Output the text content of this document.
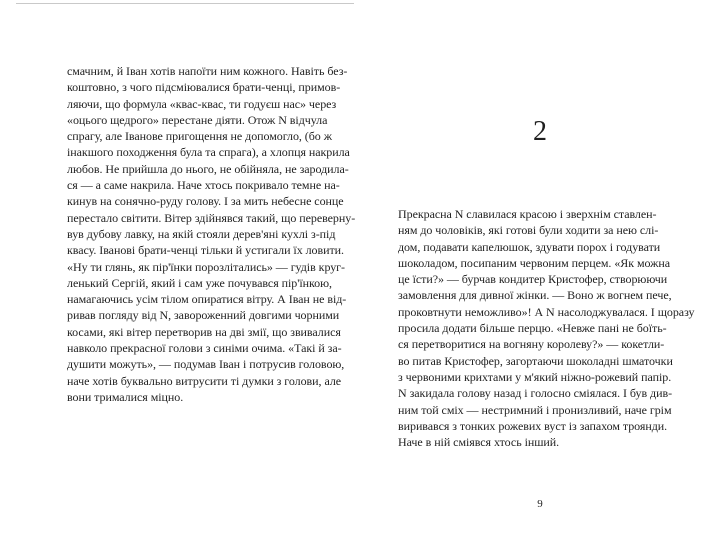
смачним, й Іван хотів напоїти ним кожного. Навіть без-
коштовно, з чого підсміювалися брати-ченці, примов-
ляючи, що формула «квас-квас, ти годуєш нас» через
«оцього щедрого» перестане діяти. Отож N відчула
спрагу, але Іванове пригощення не допомогло, (бо ж
інакшого походження була та спрага), а хлопця накрила
любов. Не прийшла до нього, не обійняла, не зародила-
ся — а саме накрила. Наче хтось покривало темне на-
кинув на сонячно-руду голову. І за мить небесне сонце
перестало світити. Вітер здійнявся такий, що переверну-
вув дубову лавку, на якій стояли дерев'яні кухлі з-під
квасу. Іванові брати-ченці тільки й устигали їх ловити.
«Ну ти глянь, як пір'їнки порозлітались» — гудів круг-
ленький Сергій, який і сам уже почувався пір'їнкою,
намагаючись усім тілом опиратися вітру. А Іван не від-
ривав погляду від N, завороженний довгими чорними
косами, які вітер перетворив на дві змії, що звивалися
навколо прекрасної голови з синіми очима. «Такі й за-
душити можуть», — подумав Іван і потрусив головою,
наче хотів буквально витрусити ті думки з голови, але
вони трималися міцно.
2
Прекрасна N славилася красою і зверхнім ставлен-
ням до чоловіків, які готові були ходити за нею слі-
дом, подавати капелюшок, здувати порох і годувати
шоколадом, посипаним червоним перцем. «Як можна
це їсти?» — бурчав кондитер Кристофер, створюючи
замовлення для дивної жінки. — Воно ж вогнем пече,
проковтнути неможливо»! А N насолоджувалася. І щоразу
просила додати більше перцю. «Невже пані не боїть-
ся перетворитися на вогняну королеву?» — кокетли-
во питав Кристофер, загортаючи шоколадні шматочки
з червоними крихтами у м'який ніжно-рожевий папір.
N закидала голову назад і голосно сміялася. І був див-
ним той сміх — нестримний і пронизливий, наче грім
виривався з тонких рожевих вуст із запахом троянди.
Наче в ній сміявся хтось інший.
9
